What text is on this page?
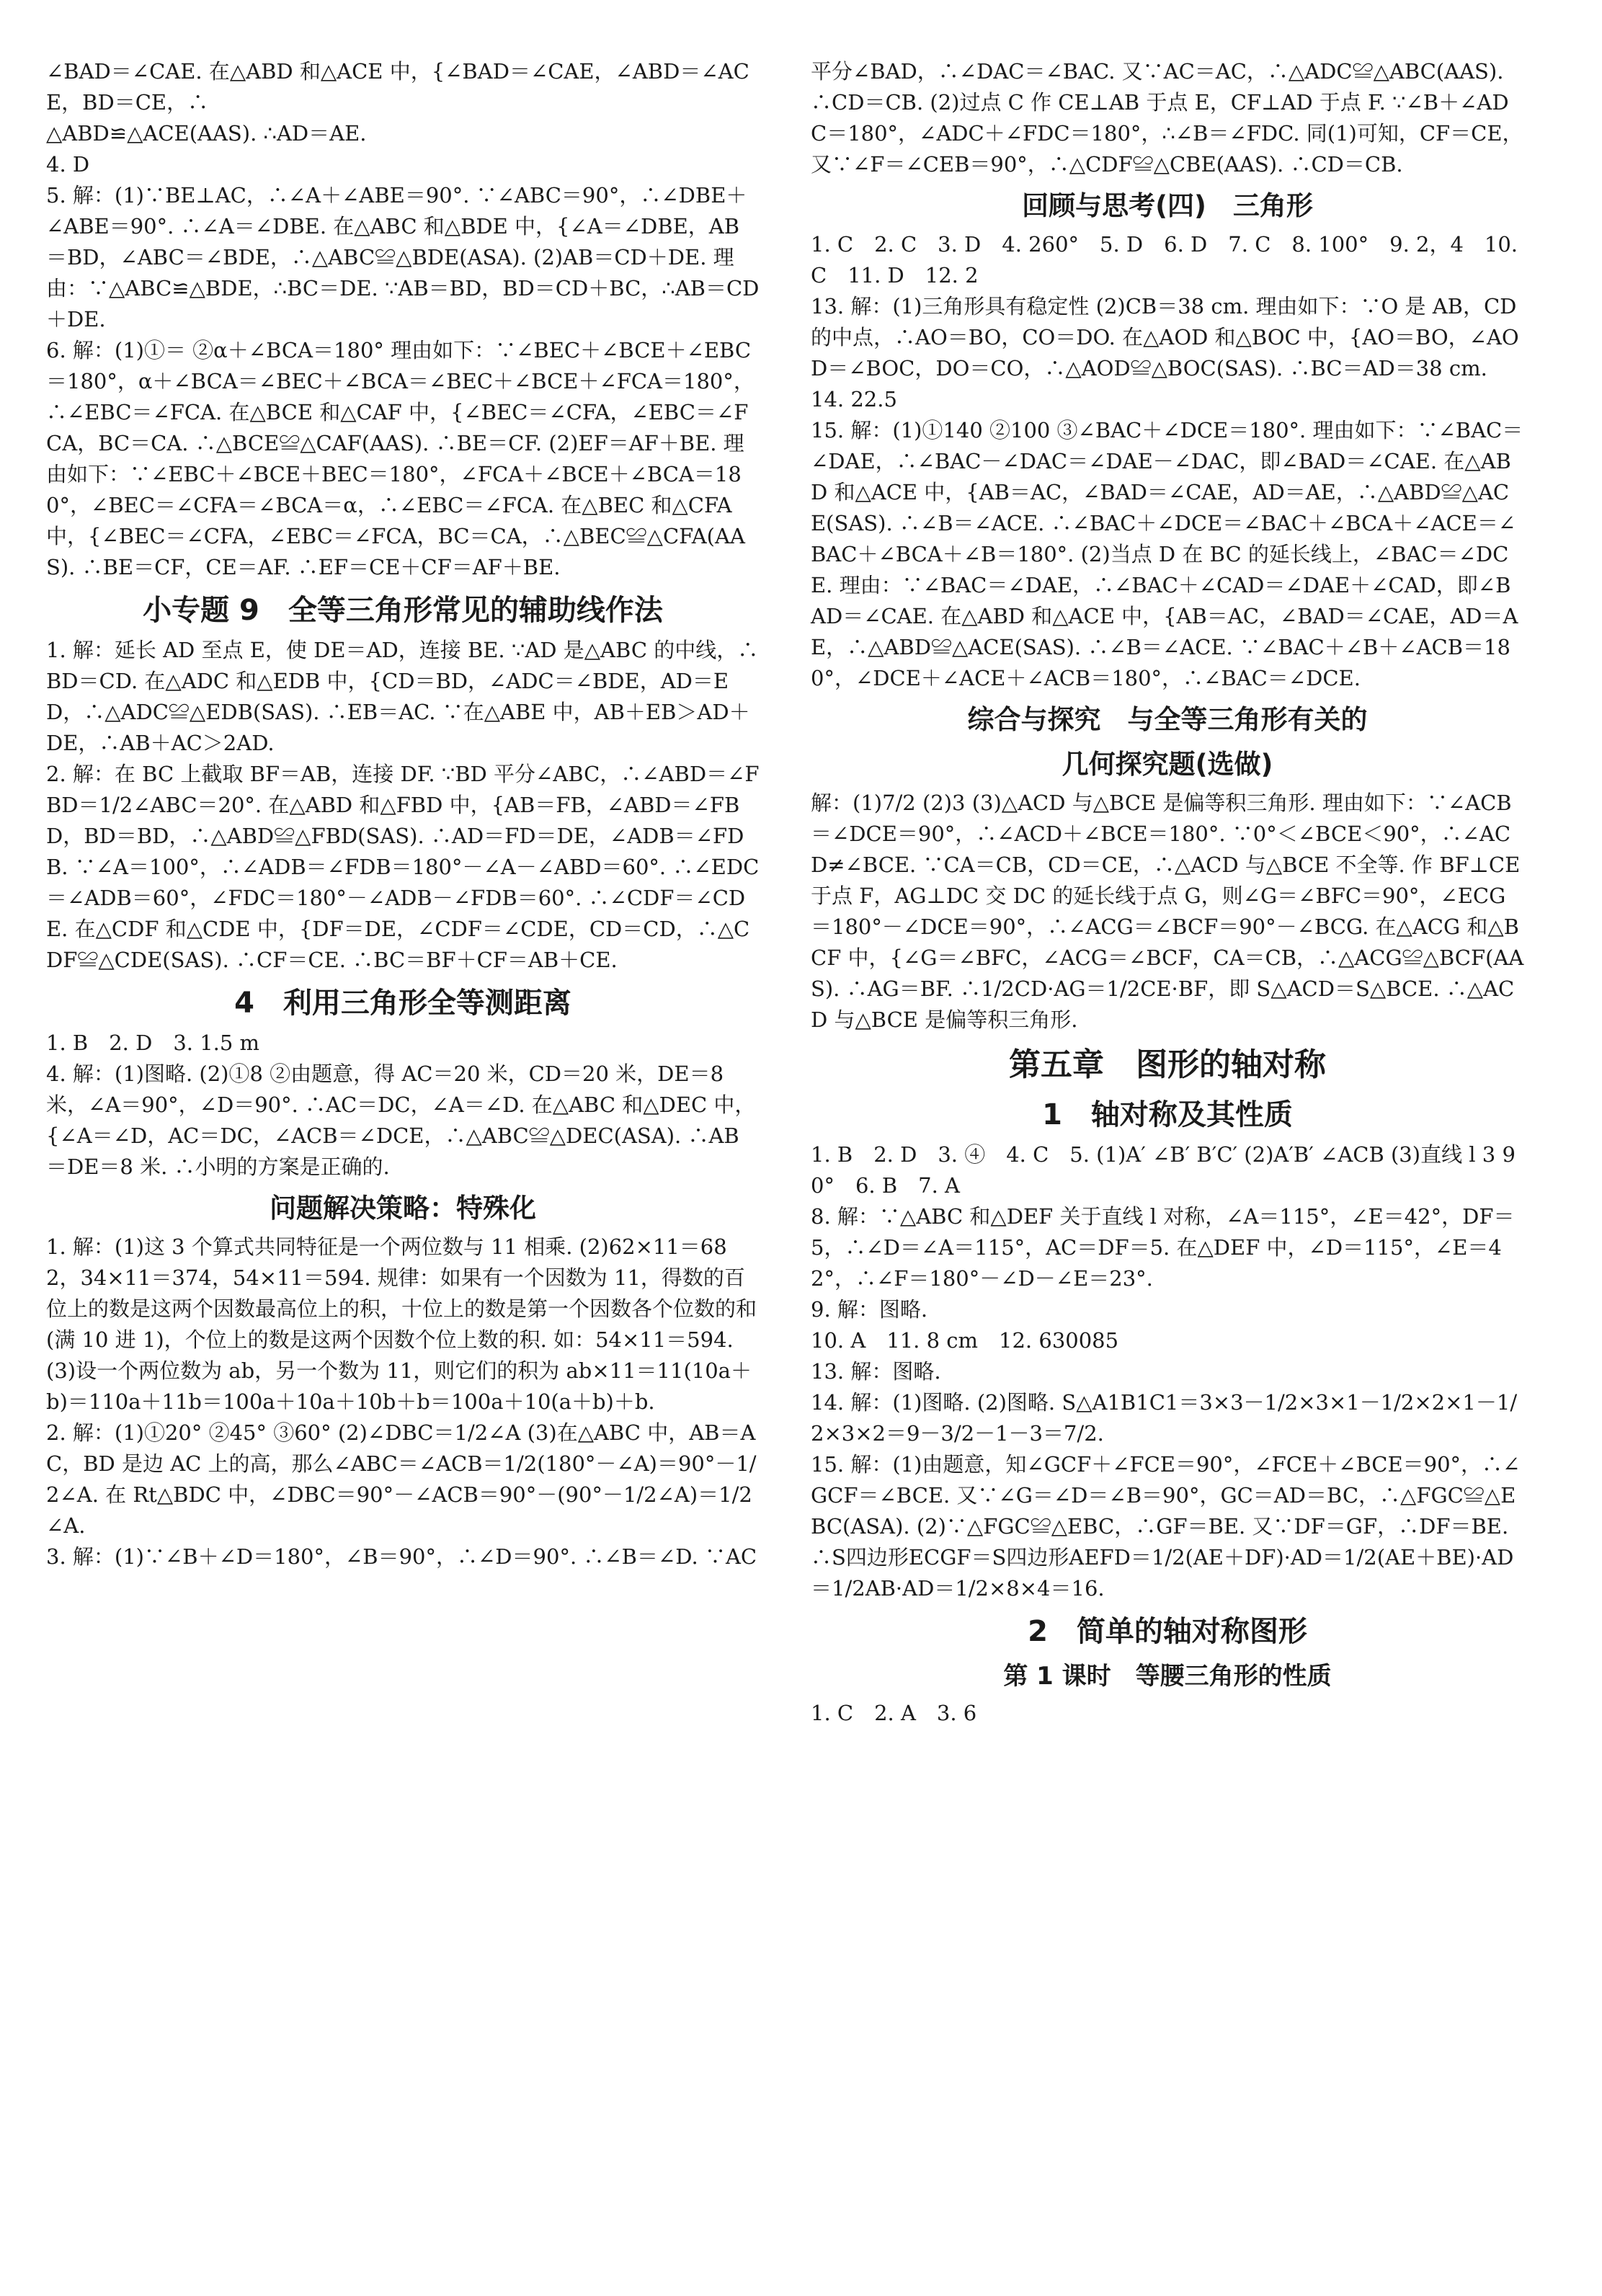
∠BAD＝∠CAE. 在△ABD 和△ACE 中，{∠BAD＝∠CAE，∠ABD＝∠ACE，BD＝CE，∴
△ABD≌△ACE(AAS). ∴AD＝AE.
4. D
5. 解：(1)∵BE⊥AC，∴∠A＋∠ABE＝90°. ∵∠ABC＝90°，∴∠DBE＋∠ABE＝90°. ∴∠A＝∠DBE. 在△ABC 和△BDE 中，{∠A＝∠DBE，AB＝BD，∠ABC＝∠BDE，∴△ABC≌△BDE(ASA). (2)AB＝CD＋DE. 理由：∵△ABC≌△BDE，∴BC＝DE. ∵AB＝BD，BD＝CD＋BC，∴AB＝CD＋DE.
6. 解：(1)①＝ ②α＋∠BCA＝180° 理由如下：∵∠BEC＋∠BCE＋∠EBC＝180°，α＋∠BCA＝∠BEC＋∠BCA＝∠BEC＋∠BCE＋∠FCA＝180°，∴∠EBC＝∠FCA. 在△BCE 和△CAF 中，{∠BEC＝∠CFA，∠EBC＝∠FCA，BC＝CA. ∴△BCE≌△CAF(AAS). ∴BE＝CF. (2)EF＝AF＋BE. 理由如下：∵∠EBC＋∠BCE＋BEC＝180°，∠FCA＋∠BCE＋∠BCA＝180°，∠BEC＝∠CFA＝∠BCA＝α，∴∠EBC＝∠FCA. 在△BEC 和△CFA 中，{∠BEC＝∠CFA，∠EBC＝∠FCA，BC＝CA，∴△BEC≌△CFA(AAS). ∴BE＝CF，CE＝AF. ∴EF＝CE＋CF＝AF＋BE.
小专题 9　全等三角形常见的辅助线作法
1. 解：延长 AD 至点 E，使 DE＝AD，连接 BE. ∵AD 是△ABC 的中线，∴BD＝CD. 在△ADC 和△EDB 中，{CD＝BD，∠ADC＝∠BDE，AD＝ED，∴△ADC≌△EDB(SAS). ∴EB＝AC. ∵在△ABE 中，AB＋EB＞AD＋DE，∴AB＋AC＞2AD.
2. 解：在 BC 上截取 BF＝AB，连接 DF. ∵BD 平分∠ABC，∴∠ABD＝∠FBD＝1/2∠ABC＝20°. 在△ABD 和△FBD 中，{AB＝FB，∠ABD＝∠FBD，BD＝BD，∴△ABD≌△FBD(SAS). ∴AD＝FD＝DE，∠ADB＝∠FDB. ∵∠A＝100°，∴∠ADB＝∠FDB＝180°－∠A－∠ABD＝60°. ∴∠EDC＝∠ADB＝60°，∠FDC＝180°－∠ADB－∠FDB＝60°. ∴∠CDF＝∠CDE. 在△CDF 和△CDE 中，{DF＝DE，∠CDF＝∠CDE，CD＝CD，∴△CDF≌△CDE(SAS). ∴CF＝CE. ∴BC＝BF＋CF＝AB＋CE.
4　利用三角形全等测距离
1. B　2. D　3. 1.5 m
4. 解：(1)图略. (2)①8 ②由题意，得 AC＝20 米，CD＝20 米，DE＝8 米，∠A＝90°，∠D＝90°. ∴AC＝DC，∠A＝∠D. 在△ABC 和△DEC 中，{∠A＝∠D，AC＝DC，∠ACB＝∠DCE，∴△ABC≌△DEC(ASA). ∴AB＝DE＝8 米. ∴小明的方案是正确的.
问题解决策略：特殊化
1. 解：(1)这 3 个算式共同特征是一个两位数与 11 相乘. (2)62×11＝682，34×11＝374，54×11＝594. 规律：如果有一个因数为 11，得数的百位上的数是这两个因数最高位上的积，十位上的数是第一个因数各个位数的和(满 10 进 1)，个位上的数是这两个因数个位上数的积. 如：54×11＝594. (3)设一个两位数为 ab，另一个数为 11，则它们的积为 ab×11＝11(10a＋b)＝110a＋11b＝100a＋10a＋10b＋b＝100a＋10(a＋b)＋b.
2. 解：(1)①20° ②45° ③60° (2)∠DBC＝1/2∠A (3)在△ABC 中，AB＝AC，BD 是边 AC 上的高，那么∠ABC＝∠ACB＝1/2(180°－∠A)＝90°－1/2∠A. 在 Rt△BDC 中，∠DBC＝90°－∠ACB＝90°－(90°－1/2∠A)＝1/2∠A.
3. 解：(1)∵∠B＋∠D＝180°，∠B＝90°，∴∠D＝90°. ∴∠B＝∠D. ∵AC
平分∠BAD，∴∠DAC＝∠BAC. 又∵AC＝AC，∴△ADC≌△ABC(AAS). ∴CD＝CB. (2)过点 C 作 CE⊥AB 于点 E，CF⊥AD 于点 F. ∵∠B＋∠ADC＝180°，∠ADC＋∠FDC＝180°，∴∠B＝∠FDC. 同(1)可知，CF＝CE，又∵∠F＝∠CEB＝90°，∴△CDF≌△CBE(AAS). ∴CD＝CB.
回顾与思考(四)　三角形
1. C　2. C　3. D　4. 260°　5. D　6. D　7. C　8. 100°　9. 2，4　10. C　11. D　12. 2
13. 解：(1)三角形具有稳定性 (2)CB＝38 cm. 理由如下：∵O 是 AB，CD 的中点，∴AO＝BO，CO＝DO. 在△AOD 和△BOC 中，{AO＝BO，∠AOD＝∠BOC，DO＝CO，∴△AOD≌△BOC(SAS). ∴BC＝AD＝38 cm.
14. 22.5
15. 解：(1)①140 ②100 ③∠BAC＋∠DCE＝180°. 理由如下：∵∠BAC＝∠DAE，∴∠BAC－∠DAC＝∠DAE－∠DAC，即∠BAD＝∠CAE. 在△ABD 和△ACE 中，{AB＝AC，∠BAD＝∠CAE，AD＝AE，∴△ABD≌△ACE(SAS). ∴∠B＝∠ACE. ∴∠BAC＋∠DCE＝∠BAC＋∠BCA＋∠ACE＝∠BAC＋∠BCA＋∠B＝180°. (2)当点 D 在 BC 的延长线上，∠BAC＝∠DCE. 理由：∵∠BAC＝∠DAE，∴∠BAC＋∠CAD＝∠DAE＋∠CAD，即∠BAD＝∠CAE. 在△ABD 和△ACE 中，{AB＝AC，∠BAD＝∠CAE，AD＝AE，∴△ABD≌△ACE(SAS). ∴∠B＝∠ACE. ∵∠BAC＋∠B＋∠ACB＝180°，∠DCE＋∠ACE＋∠ACB＝180°，∴∠BAC＝∠DCE.
综合与探究　与全等三角形有关的
几何探究题(选做)
解：(1)7/2 (2)3 (3)△ACD 与△BCE 是偏等积三角形. 理由如下：∵∠ACB＝∠DCE＝90°，∴∠ACD＋∠BCE＝180°. ∵0°＜∠BCE＜90°，∴∠ACD≠∠BCE. ∵CA＝CB，CD＝CE，∴△ACD 与△BCE 不全等. 作 BF⊥CE 于点 F，AG⊥DC 交 DC 的延长线于点 G，则∠G＝∠BFC＝90°，∠ECG＝180°－∠DCE＝90°，∴∠ACG＝∠BCF＝90°－∠BCG. 在△ACG 和△BCF 中，{∠G＝∠BFC，∠ACG＝∠BCF，CA＝CB，∴△ACG≌△BCF(AAS). ∴AG＝BF. ∴1/2CD·AG＝1/2CE·BF，即 S△ACD＝S△BCE. ∴△ACD 与△BCE 是偏等积三角形.
第五章　图形的轴对称
1　轴对称及其性质
1. B　2. D　3. ④　4. C　5. (1)A′ ∠B′ B′C′ (2)A′B′ ∠ACB (3)直线 l 3 90°　6. B　7. A
8. 解：∵△ABC 和△DEF 关于直线 l 对称，∠A＝115°，∠E＝42°，DF＝5，∴∠D＝∠A＝115°，AC＝DF＝5. 在△DEF 中，∠D＝115°，∠E＝42°，∴∠F＝180°－∠D－∠E＝23°.
9. 解：图略.
10. A　11. 8 cm　12. 630085
13. 解：图略.
14. 解：(1)图略. (2)图略. S△A1B1C1＝3×3－1/2×3×1－1/2×2×1－1/2×3×2＝9－3/2－1－3＝7/2.
15. 解：(1)由题意，知∠GCF＋∠FCE＝90°，∠FCE＋∠BCE＝90°，∴∠GCF＝∠BCE. 又∵∠G＝∠D＝∠B＝90°，GC＝AD＝BC，∴△FGC≌△EBC(ASA). (2)∵△FGC≌△EBC，∴GF＝BE. 又∵DF＝GF，∴DF＝BE. ∴S四边形ECGF＝S四边形AEFD＝1/2(AE＋DF)·AD＝1/2(AE＋BE)·AD＝1/2AB·AD＝1/2×8×4＝16.
2　简单的轴对称图形
第 1 课时　等腰三角形的性质
1. C　2. A　3. 6
